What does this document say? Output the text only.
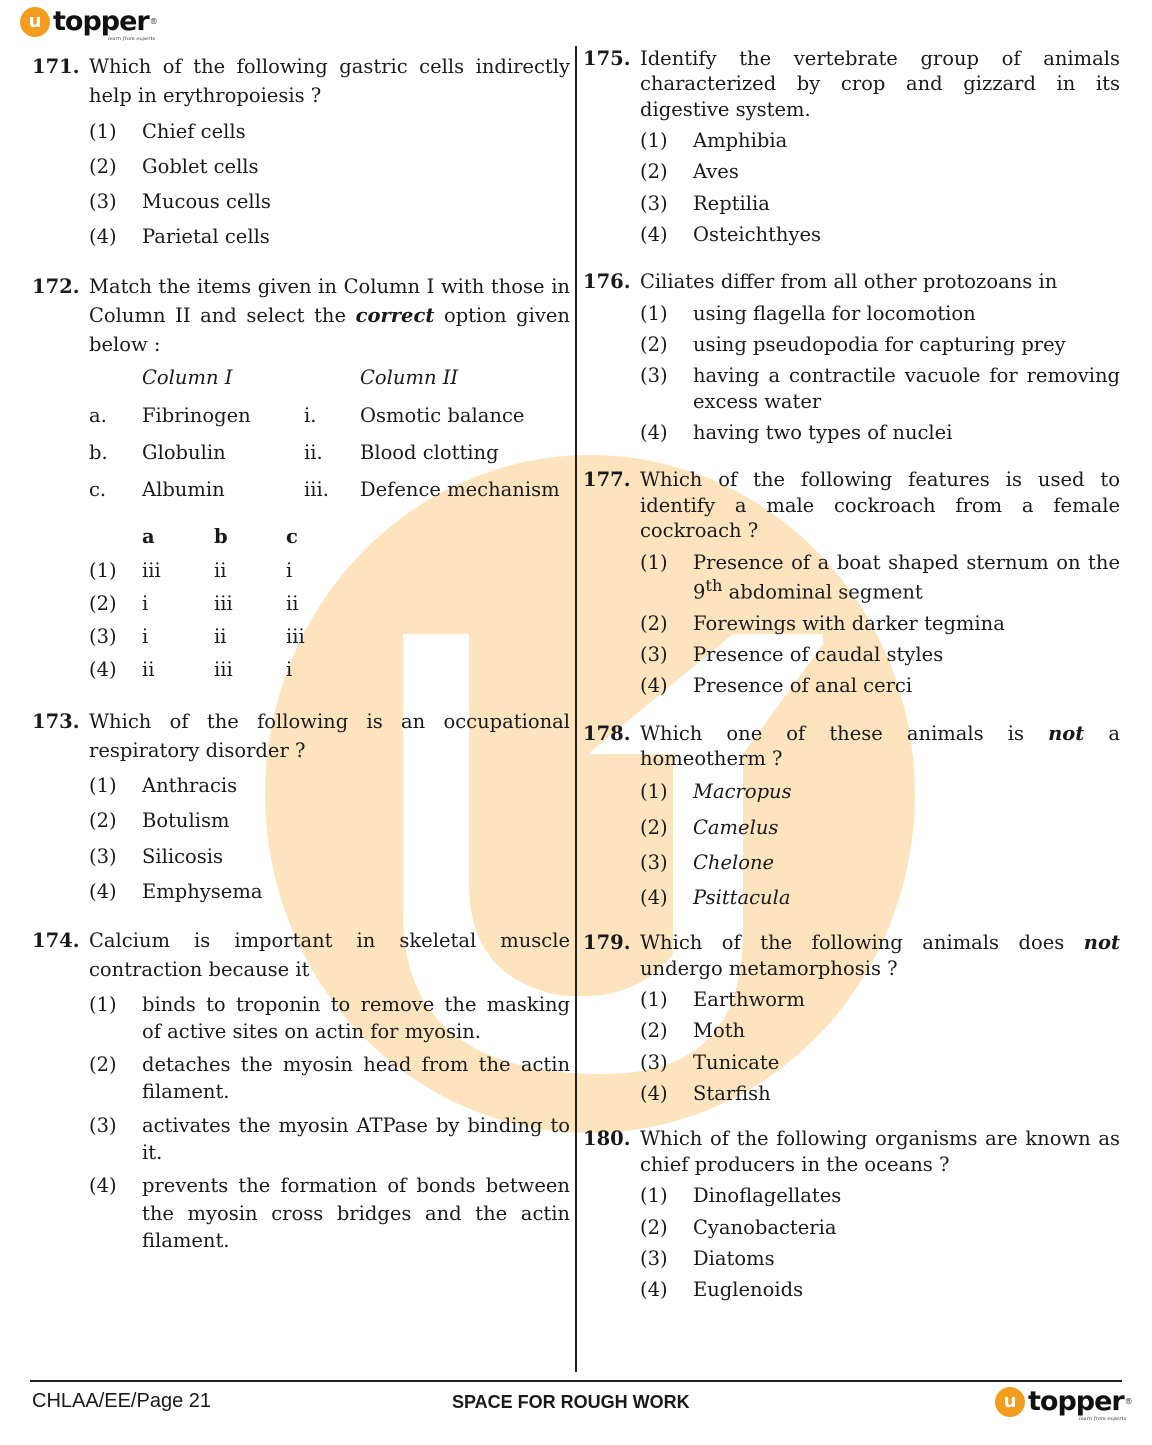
u topper ®
learn from experts
171. Which of the following gastric cells indirectly help in erythropoiesis ?
(1)	Chief cells
(2)	Goblet cells
(3)	Mucous cells
(4)	Parietal cells
172. Match the items given in Column I with those in Column II and select the correct option given below :
	Column I		Column II
a.	Fibrinogen	i.	Osmotic balance
b.	Globulin	ii.	Blood clotting
c.	Albumin	iii.	Defence mechanism
	a	b	c
(1)	iii	ii	i
(2)	i	iii	ii
(3)	i	ii	iii
(4)	ii	iii	i
173. Which of the following is an occupational respiratory disorder ?
(1)	Anthracis
(2)	Botulism
(3)	Silicosis
(4)	Emphysema
174. Calcium is important in skeletal muscle contraction because it
(1)	binds to troponin to remove the masking of active sites on actin for myosin.
(2)	detaches the myosin head from the actin filament.
(3)	activates the myosin ATPase by binding to it.
(4)	prevents the formation of bonds between the myosin cross bridges and the actin filament.
175. Identify the vertebrate group of animals characterized by crop and gizzard in its digestive system.
(1)	Amphibia
(2)	Aves
(3)	Reptilia
(4)	Osteichthyes
176. Ciliates differ from all other protozoans in
(1)	using flagella for locomotion
(2)	using pseudopodia for capturing prey
(3)	having a contractile vacuole for removing excess water
(4)	having two types of nuclei
177. Which of the following features is used to identify a male cockroach from a female cockroach ?
(1)	Presence of a boat shaped sternum on the 9th abdominal segment
(2)	Forewings with darker tegmina
(3)	Presence of caudal styles
(4)	Presence of anal cerci
178. Which one of these animals is not a homeotherm ?
(1)	Macropus
(2)	Camelus
(3)	Chelone
(4)	Psittacula
179. Which of the following animals does not undergo metamorphosis ?
(1)	Earthworm
(2)	Moth
(3)	Tunicate
(4)	Starfish
180. Which of the following organisms are known as chief producers in the oceans ?
(1)	Dinoflagellates
(2)	Cyanobacteria
(3)	Diatoms
(4)	Euglenoids
CHLAA/EE/Page 21	SPACE FOR ROUGH WORK	u topper ®
learn from experts
